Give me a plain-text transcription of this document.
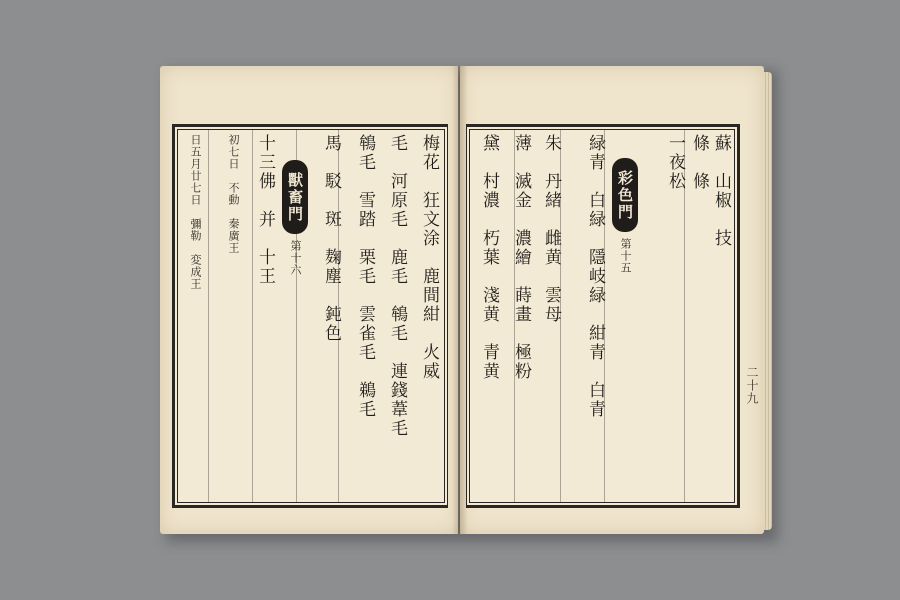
梅花　狂文涂　鹿間紺　火威
毛　河原毛　鹿毛　鴾毛　連錢葦毛
鴾毛　雪踏　栗毛　雲雀毛　鵜毛
馬　駁　斑　麹塵　鈍色
獸畜門
第十六
十三佛　并　十王
初七日　不動　秦廣王
日五月廿七日　彌勒　変成王	蘇　山椒　技
條　條
一夜松
彩色門
第十五
緑青　白緑　隱岐緑　紺青　白青
朱　丹緒　雌黄　雲母
薄　滅金　濃繪　蒔畫　極粉
黛　村濃　朽葉　淺黄　青黄
二十九
